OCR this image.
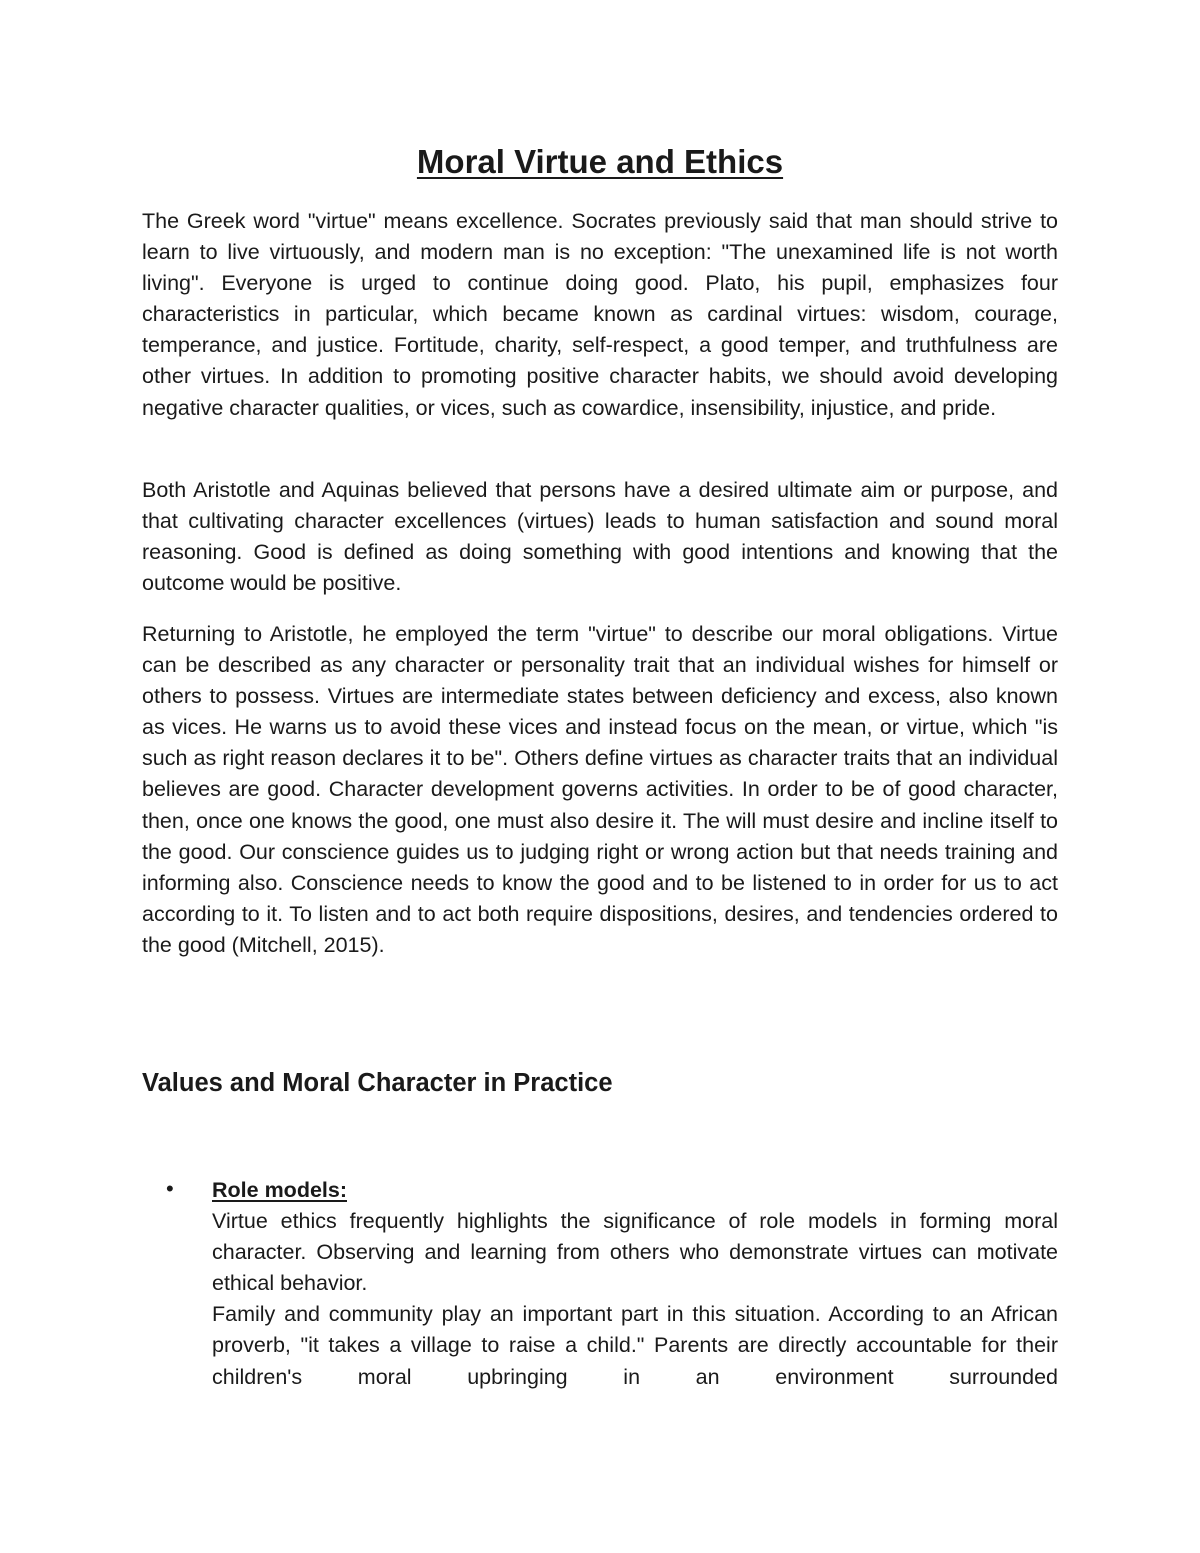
Moral Virtue and Ethics

The Greek word "virtue" means excellence. Socrates previously said that man should strive to learn to live virtuously, and modern man is no exception: "The unexamined life is not worth living". Everyone is urged to continue doing good. Plato, his pupil, emphasizes four characteristics in particular, which became known as cardinal virtues: wisdom, courage, temperance, and justice. Fortitude, charity, self-respect, a good temper, and truthfulness are other virtues. In addition to promoting positive character habits, we should avoid developing negative character qualities, or vices, such as cowardice, insensibility, injustice, and pride.

Both Aristotle and Aquinas believed that persons have a desired ultimate aim or purpose, and that cultivating character excellences (virtues) leads to human satisfaction and sound moral reasoning. Good is defined as doing something with good intentions and knowing that the outcome would be positive.

Returning to Aristotle, he employed the term "virtue" to describe our moral obligations. Virtue can be described as any character or personality trait that an individual wishes for himself or others to possess. Virtues are intermediate states between deficiency and excess, also known as vices. He warns us to avoid these vices and instead focus on the mean, or virtue, which "is such as right reason declares it to be". Others define virtues as character traits that an individual believes are good. Character development governs activities. In order to be of good character, then, once one knows the good, one must also desire it. The will must desire and incline itself to the good. Our conscience guides us to judging right or wrong action but that needs training and informing also. Conscience needs to know the good and to be listened to in order for us to act according to it. To listen and to act both require dispositions, desires, and tendencies ordered to the good (Mitchell, 2015).

Values and Moral Character in Practice
• Role models:

Virtue ethics frequently highlights the significance of role models in forming moral character. Observing and learning from others who demonstrate virtues can motivate ethical behavior.

Family and community play an important part in this situation. According to an African proverb, "it takes a village to raise a child." Parents are directly accountable for their children's moral upbringing in an environment surrounded
